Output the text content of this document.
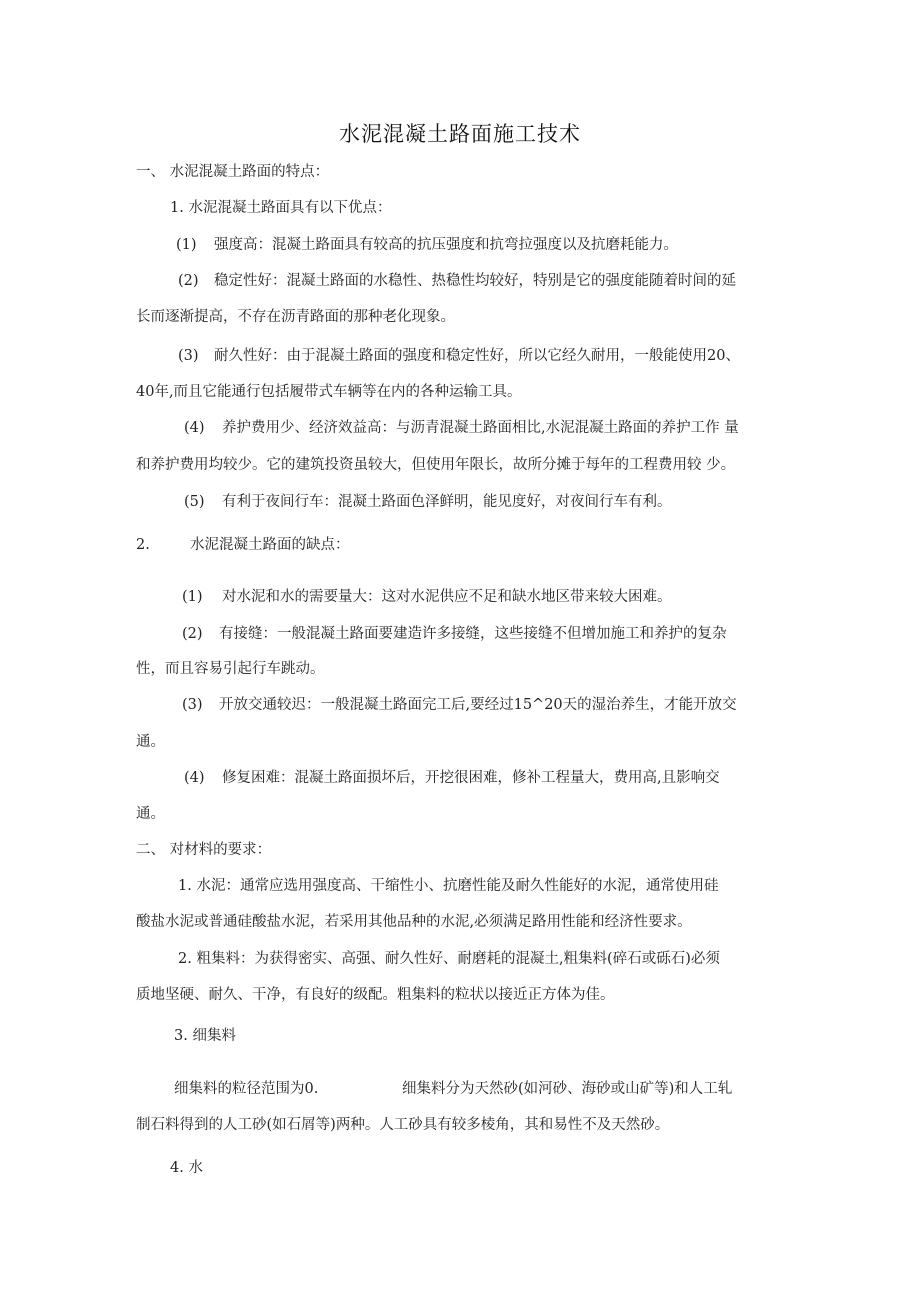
水泥混凝土路面施工技术
一、 水泥混凝土路面的特点：
1. 水泥混凝土路面具有以下优点：
(1) 强度高：混凝土路面具有较高的抗压强度和抗弯拉强度以及抗磨耗能力。
(2) 稳定性好：混凝土路面的水稳性、热稳性均较好，特别是它的强度能随着时间的延
长而逐渐提高，不存在沥青路面的那种老化现象。
(3) 耐久性好：由于混凝土路面的强度和稳定性好，所以它经久耐用，一般能使用20、
40年,而且它能通行包括履带式车辆等在内的各种运输工具。
(4) 养护费用少、经济效益高：与沥青混凝土路面相比,水泥混凝土路面的养护工作 量
和养护费用均较少。它的建筑投资虽较大，但使用年限长，故所分摊于每年的工程费用较 少。
(5) 有利于夜间行车：混凝土路面色泽鲜明，能见度好，对夜间行车有利。
2.	水泥混凝土路面的缺点：
(1) 对水泥和水的需要量大：这对水泥供应不足和缺水地区带来较大困难。
(2) 有接缝：一般混凝土路面要建造许多接缝，这些接缝不但增加施工和养护的复杂
性，而且容易引起行车跳动。
(3) 开放交通较迟：一般混凝土路面完工后,要经过15^20天的湿治养生，才能开放交
通。
(4) 修复困难：混凝土路面损坏后，开挖很困难，修补工程量大，费用高,且影响交
通。
二、 对材料的要求：
1. 水泥：通常应选用强度高、干缩性小、抗磨性能及耐久性能好的水泥，通常使用硅
酸盐水泥或普通硅酸盐水泥，若采用其他品种的水泥,必须满足路用性能和经济性要求。
2. 粗集料：为获得密实、高强、耐久性好、耐磨耗的混凝土,粗集料(碎石或砾石)必须
质地坚硬、耐久、干净，有良好的级配。粗集料的粒状以接近正方体为佳。
3. 细集料
细集料的粒径范围为0.	细集料分为天然砂(如河砂、海砂或山矿等)和人工轧
制石料得到的人工砂(如石屑等)两种。人工砂具有较多棱角，其和易性不及天然砂。
4. 水
